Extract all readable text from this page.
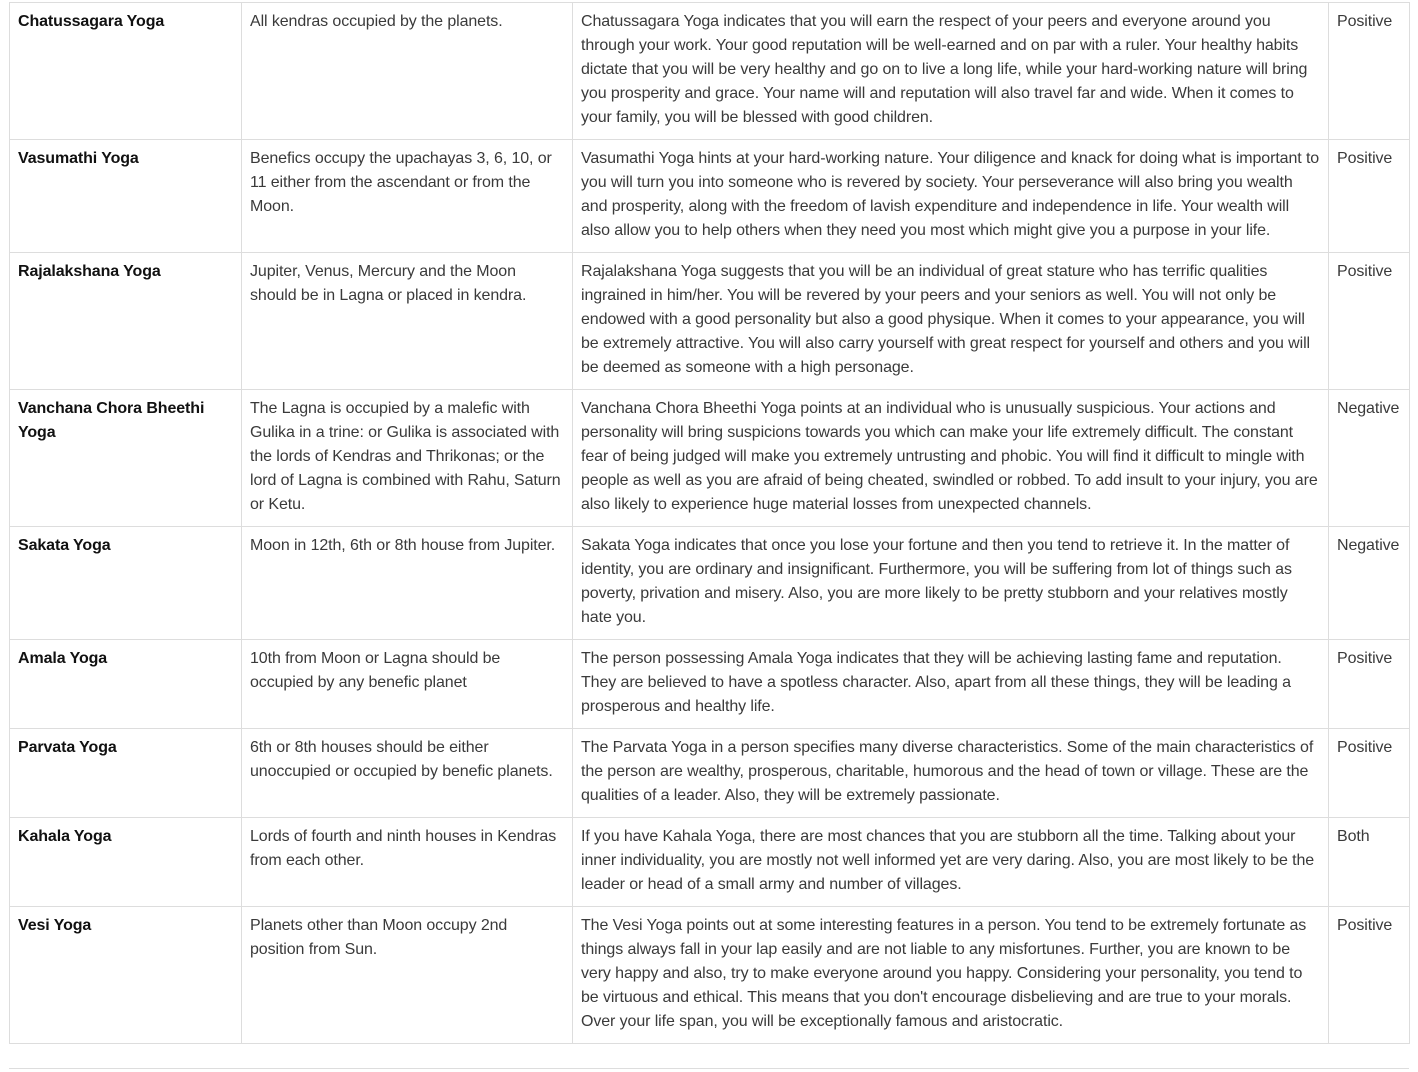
Chatussagara Yoga	All kendras occupied by the planets.	Chatussagara Yoga indicates that you will earn the respect of your peers and everyone around you through your work. Your good reputation will be well-earned and on par with a ruler. Your healthy habits dictate that you will be very healthy and go on to live a long life, while your hard-working nature will bring you prosperity and grace. Your name will and reputation will also travel far and wide. When it comes to your family, you will be blessed with good children.	Positive
Vasumathi Yoga	Benefics occupy the upachayas 3, 6, 10, or 11 either from the ascendant or from the Moon.	Vasumathi Yoga hints at your hard-working nature. Your diligence and knack for doing what is important to you will turn you into someone who is revered by society. Your perseverance will also bring you wealth and prosperity, along with the freedom of lavish expenditure and independence in life. Your wealth will also allow you to help others when they need you most which might give you a purpose in your life.	Positive
Rajalakshana Yoga	Jupiter, Venus, Mercury and the Moon should be in Lagna or placed in kendra.	Rajalakshana Yoga suggests that you will be an individual of great stature who has terrific qualities ingrained in him/her. You will be revered by your peers and your seniors as well. You will not only be endowed with a good personality but also a good physique. When it comes to your appearance, you will be extremely attractive. You will also carry yourself with great respect for yourself and others and you will be deemed as someone with a high personage.	Positive
Vanchana Chora Bheethi Yoga	The Lagna is occupied by a malefic with Gulika in a trine: or Gulika is associated with the lords of Kendras and Thrikonas; or the lord of Lagna is combined with Rahu, Saturn or Ketu.	Vanchana Chora Bheethi Yoga points at an individual who is unusually suspicious. Your actions and personality will bring suspicions towards you which can make your life extremely difficult. The constant fear of being judged will make you extremely untrusting and phobic. You will find it difficult to mingle with people as well as you are afraid of being cheated, swindled or robbed. To add insult to your injury, you are also likely to experience huge material losses from unexpected channels.	Negative
Sakata Yoga	Moon in 12th, 6th or 8th house from Jupiter.	Sakata Yoga indicates that once you lose your fortune and then you tend to retrieve it. In the matter of identity, you are ordinary and insignificant. Furthermore, you will be suffering from lot of things such as poverty, privation and misery. Also, you are more likely to be pretty stubborn and your relatives mostly hate you.	Negative
Amala Yoga	10th from Moon or Lagna should be occupied by any benefic planet	The person possessing Amala Yoga indicates that they will be achieving lasting fame and reputation. They are believed to have a spotless character. Also, apart from all these things, they will be leading a prosperous and healthy life.	Positive
Parvata Yoga	6th or 8th houses should be either unoccupied or occupied by benefic planets.	The Parvata Yoga in a person specifies many diverse characteristics. Some of the main characteristics of the person are wealthy, prosperous, charitable, humorous and the head of town or village. These are the qualities of a leader. Also, they will be extremely passionate.	Positive
Kahala Yoga	Lords of fourth and ninth houses in Kendras from each other.	If you have Kahala Yoga, there are most chances that you are stubborn all the time. Talking about your inner individuality, you are mostly not well informed yet are very daring. Also, you are most likely to be the leader or head of a small army and number of villages.	Both
Vesi Yoga	Planets other than Moon occupy 2nd position from Sun.	The Vesi Yoga points out at some interesting features in a person. You tend to be extremely fortunate as things always fall in your lap easily and are not liable to any misfortunes. Further, you are known to be very happy and also, try to make everyone around you happy. Considering your personality, you tend to be virtuous and ethical. This means that you don't encourage disbelieving and are true to your morals. Over your life span, you will be exceptionally famous and aristocratic.	Positive
